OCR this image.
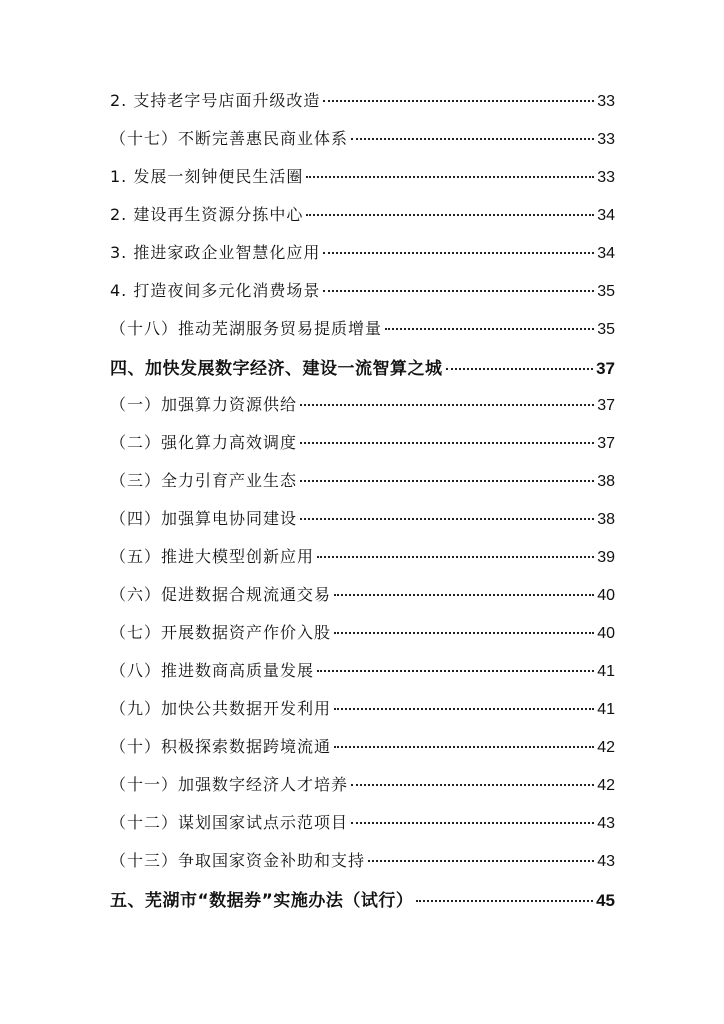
2. 支持老字号店面升级改造	33
（十七）不断完善惠民商业体系	33
1. 发展一刻钟便民生活圈	33
2. 建设再生资源分拣中心	34
3. 推进家政企业智慧化应用	34
4. 打造夜间多元化消费场景	35
（十八）推动芜湖服务贸易提质增量	35
四、加快发展数字经济、建设一流智算之城	37
（一）加强算力资源供给	37
（二）强化算力高效调度	37
（三）全力引育产业生态	38
（四）加强算电协同建设	38
（五）推进大模型创新应用	39
（六）促进数据合规流通交易	40
（七）开展数据资产作价入股	40
（八）推进数商高质量发展	41
（九）加快公共数据开发利用	41
（十）积极探索数据跨境流通	42
（十一）加强数字经济人才培养	42
（十二）谋划国家试点示范项目	43
（十三）争取国家资金补助和支持	43
五、芜湖市“数据券”实施办法（试行）	45
